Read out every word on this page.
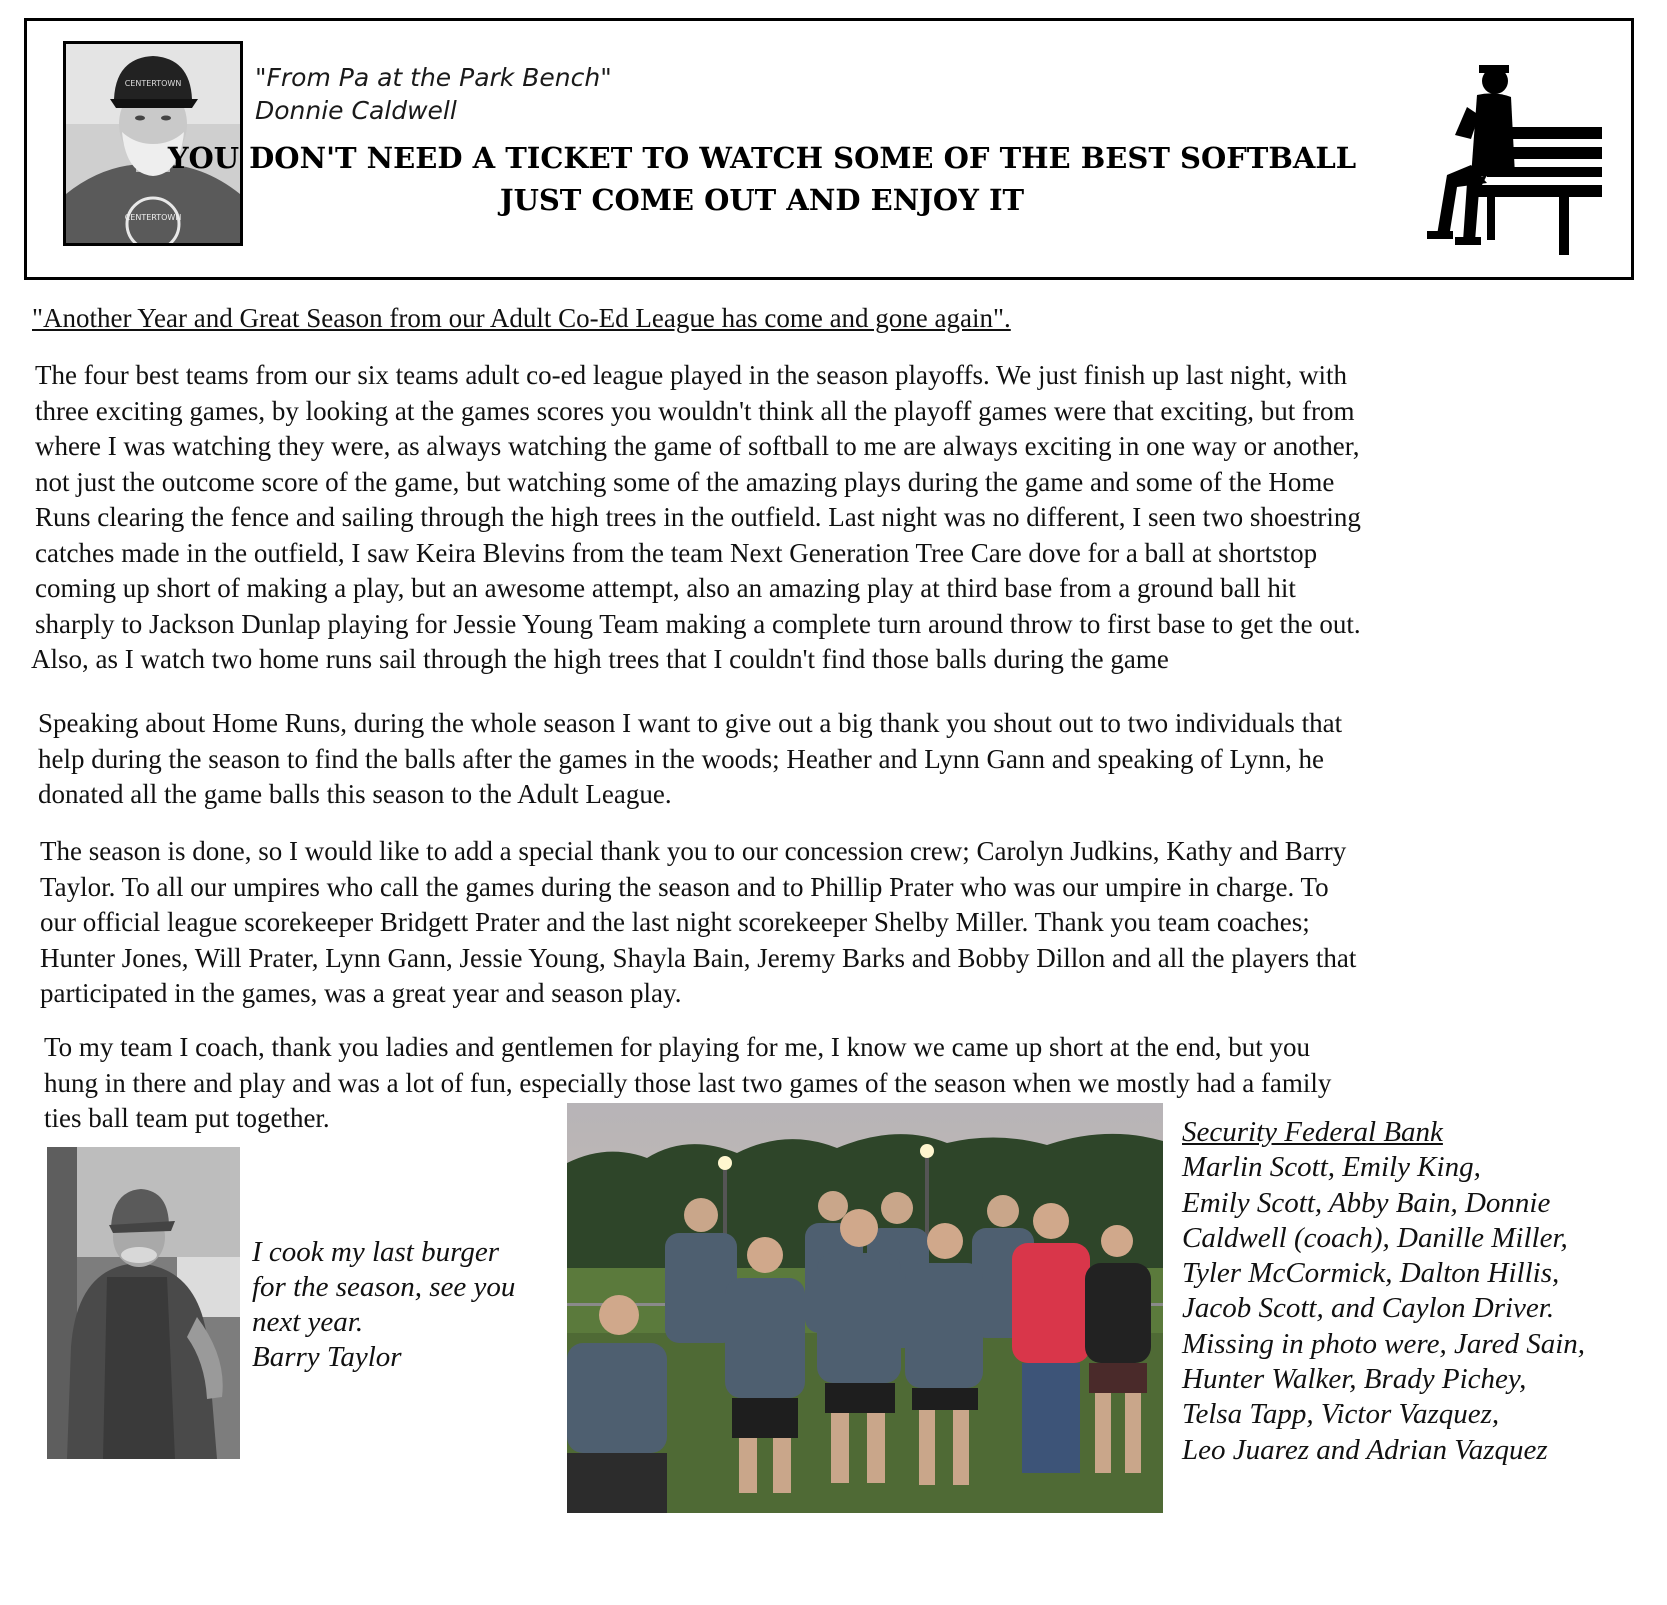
CENTERTOWN
CENTERTOWN
"From Pa at the Park Bench"
Donnie Caldwell
YOU DON'T NEED A TICKET TO WATCH SOME OF THE BEST SOFTBALL
JUST COME OUT AND ENJOY IT
"Another Year and Great Season from our Adult Co-Ed League has come and gone again".
The four best teams from our six teams adult co-ed league played in the season playoffs. We just finish up last night, with
three exciting games, by looking at the games scores you wouldn't think all the playoff games were that exciting, but from
where I was watching they were, as always watching the game of softball to me are always exciting in one way or another,
not just the outcome score of the game, but watching some of the amazing plays during the game and some of the Home
Runs clearing the fence and sailing through the high trees in the outfield. Last night was no different, I seen two shoestring
catches made in the outfield, I saw Keira Blevins from the team Next Generation Tree Care dove for a ball at shortstop
coming up short of making a play, but an awesome attempt, also an amazing play at third base from a ground ball hit
sharply to Jackson Dunlap playing for Jessie Young Team making a complete turn around throw to first base to get the out.
Also, as I watch two home runs sail through the high trees that I couldn't find those balls during the game
Speaking about Home Runs, during the whole season I want to give out a big thank you shout out to two individuals that
help during the season to find the balls after the games in the woods; Heather and Lynn Gann and speaking of Lynn, he
donated all the game balls this season to the Adult League.
The season is done, so I would like to add a special thank you to our concession crew; Carolyn Judkins, Kathy and Barry
Taylor. To all our umpires who call the games during the season and to Phillip Prater who was our umpire in charge. To
our official league scorekeeper Bridgett Prater and the last night scorekeeper Shelby Miller. Thank you team coaches;
Hunter Jones, Will Prater, Lynn Gann, Jessie Young, Shayla Bain, Jeremy Barks and Bobby Dillon and all the players that
participated in the games, was a great year and season play.
To my team I coach, thank you ladies and gentlemen for playing for me, I know we came up short at the end, but you
hung in there and play and was a lot of fun, especially those last two games of the season when we mostly had a family
ties ball team put together.
I cook my last burger
for the season, see you
next year.
Barry Taylor
Security Federal Bank
Marlin Scott, Emily King,
Emily Scott, Abby Bain, Donnie
Caldwell (coach), Danille Miller,
Tyler McCormick, Dalton Hillis,
Jacob Scott, and Caylon Driver.
Missing in photo were, Jared Sain,
Hunter Walker, Brady Pichey,
Telsa Tapp, Victor Vazquez,
Leo Juarez and Adrian Vazquez
